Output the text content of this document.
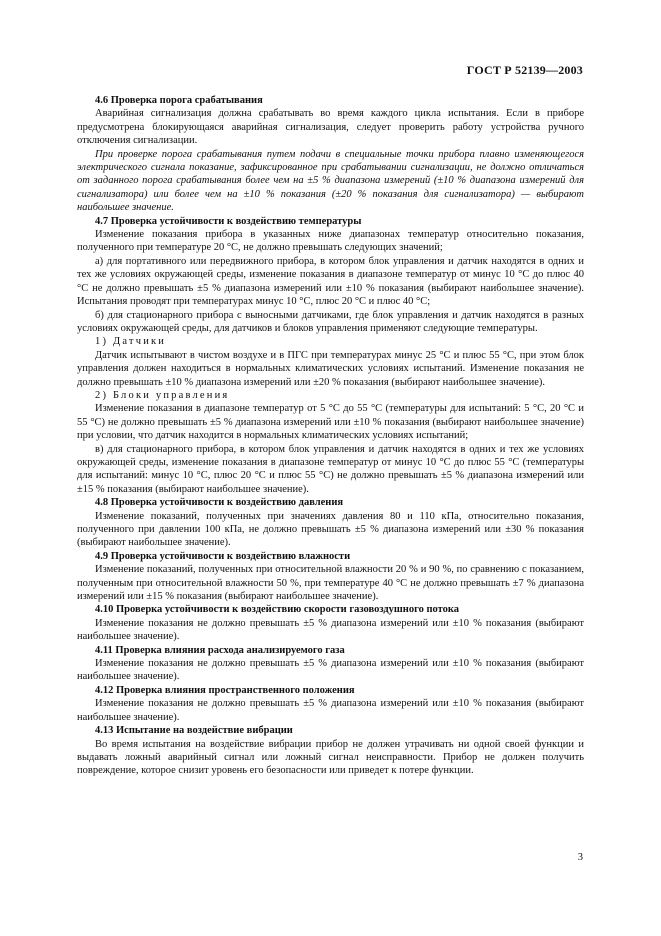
ГОСТ Р 52139—2003

4.6 Проверка порога срабатывания

Аварийная сигнализация должна срабатывать во время каждого цикла испытания. Если в приборе предусмотрена блокирующаяся аварийная сигнализация, следует проверить работу устройства ручного отключения сигнализации.

При проверке порога срабатывания путем подачи в специальные точки прибора плавно изменяющегося электрического сигнала показание, зафиксированное при срабатывании сигнализации, не должно отличаться от заданного порога срабатывания более чем на ±5 % диапазона измерений (±10 % диапазона измерений для сигнализатора) или более чем на ±10 % показания (±20 % показания для сигнализатора) — выбирают наибольшее значение.

4.7 Проверка устойчивости к воздействию температуры

Изменение показания прибора в указанных ниже диапазонах температур относительно показания, полученного при температуре 20 °С, не должно превышать следующих значений;

а) для портативного или передвижного прибора, в котором блок управления и датчик находятся в одних и тех же условиях окружающей среды, изменение показания в диапазоне температур от минус 10 °С до плюс 40 °С не должно превышать ±5 % диапазона измерений или ±10 % показания (выбирают наибольшее значение). Испытания проводят при температурах минус 10 °С, плюс 20 °С и плюс 40 °С;

б) для стационарного прибора с выносными датчиками, где блок управления и датчик находятся в разных условиях окружающей среды, для датчиков и блоков управления применяют следующие температуры.

1) Датчики

Датчик испытывают в чистом воздухе и в ПГС при температурах минус 25 °С и плюс 55 °С, при этом блок управления должен находиться в нормальных климатических условиях испытаний. Изменение показания не должно превышать ±10 % диапазона измерений или ±20 % показания (выбирают наибольшее значение).

2) Блоки управления

Изменение показания в диапазоне температур от 5 °С до 55 °С (температуры для испытаний: 5 °С, 20 °С и 55 °С) не должно превышать ±5 % диапазона измерений или ±10 % показания (выбирают наибольшее значение) при условии, что датчик находится в нормальных климатических условиях испытаний;

в) для стационарного прибора, в котором блок управления и датчик находятся в одних и тех же условиях окружающей среды, изменение показания в диапазоне температур от минус 10 °С до плюс 55 °С (температуры для испытаний: минус 10 °С, плюс 20 °С и плюс 55 °С) не должно превышать ±5 % диапазона измерений или ±15 % показания (выбирают наибольшее значение).

4.8 Проверка устойчивости к воздействию давления

Изменение показаний, полученных при значениях давления 80 и 110 кПа, относительно показания, полученного при давлении 100 кПа, не должно превышать ±5 % диапазона измерений или ±30 % показания (выбирают наибольшее значение).

4.9 Проверка устойчивости к воздействию влажности

Изменение показаний, полученных при относительной влажности 20 % и 90 %, по сравнению с показанием, полученным при относительной влажности 50 %, при температуре 40 °С не должно превышать ±7 % диапазона измерений или ±15 % показания (выбирают наибольшее значение).

4.10 Проверка устойчивости к воздействию скорости газовоздушного потока

Изменение показания не должно превышать ±5 % диапазона измерений или ±10 % показания (выбирают наибольшее значение).

4.11 Проверка влияния расхода анализируемого газа

Изменение показания не должно превышать ±5 % диапазона измерений или ±10 % показания (выбирают наибольшее значение).

4.12 Проверка влияния пространственного положения

Изменение показания не должно превышать ±5 % диапазона измерений или ±10 % показания (выбирают наибольшее значение).

4.13 Испытание на воздействие вибрации

Во время испытания на воздействие вибрации прибор не должен утрачивать ни одной своей функции и выдавать ложный аварийный сигнал или ложный сигнал неисправности. Прибор не должен получить повреждение, которое снизит уровень его безопасности или приведет к потере функции.

3
